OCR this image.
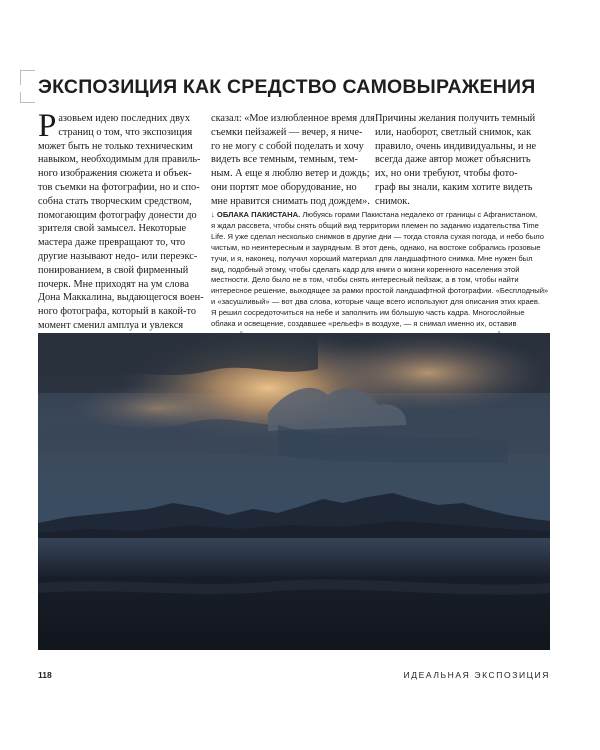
ЭКСПОЗИЦИЯ КАК СРЕДСТВО САМОВЫРАЖЕНИЯ
Р азовьем идею последних двух
страниц о том, что экспозиция
может быть не только техническим
навыком, необходимым для правиль-
ного изображения сюжета и объек-
тов съемки на фотографии, но и спо-
собна стать творческим средством,
помогающим фотографу донести до
зрителя свой замысел. Некоторые
мастера даже превращают то, что
другие называют недо- или переэкс-
понированием, в свой фирменный
почерк. Мне приходят на ум слова
Дона Маккалина, выдающегося воен-
ного фотографа, который в какой-то
момент сменил амплуа и увлекся
сказал: «Мое излюбленное время для
съемки пейзажей — вечер, я ниче-
го не могу с собой поделать и хочу
видеть все темным, темным, тем-
ным. А еще я люблю ветер и дождь;
они портят мое оборудование, но
мне нравится снимать под дождем».
Причины желания получить темный
или, наоборот, светлый снимок, как
правило, очень индивидуальны, и не
всегда даже автор может объяснить
их, но они требуют, чтобы фото-
граф вы знали, каким хотите видеть
снимок.
↓ ОБЛАКА ПАКИСТАНА. Любуясь горами Пакистана недалеко от границы с Афганистаном,
я ждал рассвета, чтобы снять общий вид территории племен по заданию издательства Time
Life. Я уже сделал несколько снимков в другие дни — тогда стояла сухая погода, и небо было
чистым, но неинтересным и заурядным. В этот день, однако, на востоке собрались грозовые
тучи, и я, наконец, получил хороший материал для ландшафтного снимка. Мне нужен был
вид, подобный этому, чтобы сделать кадр для книги о жизни коренного населения этой
местности. Дело было не в том, чтобы снять интересный пейзаж, а в том, чтобы найти
интересное решение, выходящее за рамки простой ландшафтной фотографии. «Бесплодный»
и «засушливый» — вот два слова, которые чаще всего используют для описания этих краев.
Я решил сосредоточиться на небе и заполнить им бо́льшую часть кадра. Многослойные
облака и освещение, создавшее «рельеф» в воздухе, — я снимал именно их, оставив
118	ИДЕАЛЬНАЯ ЭКСПОЗИЦИЯ
